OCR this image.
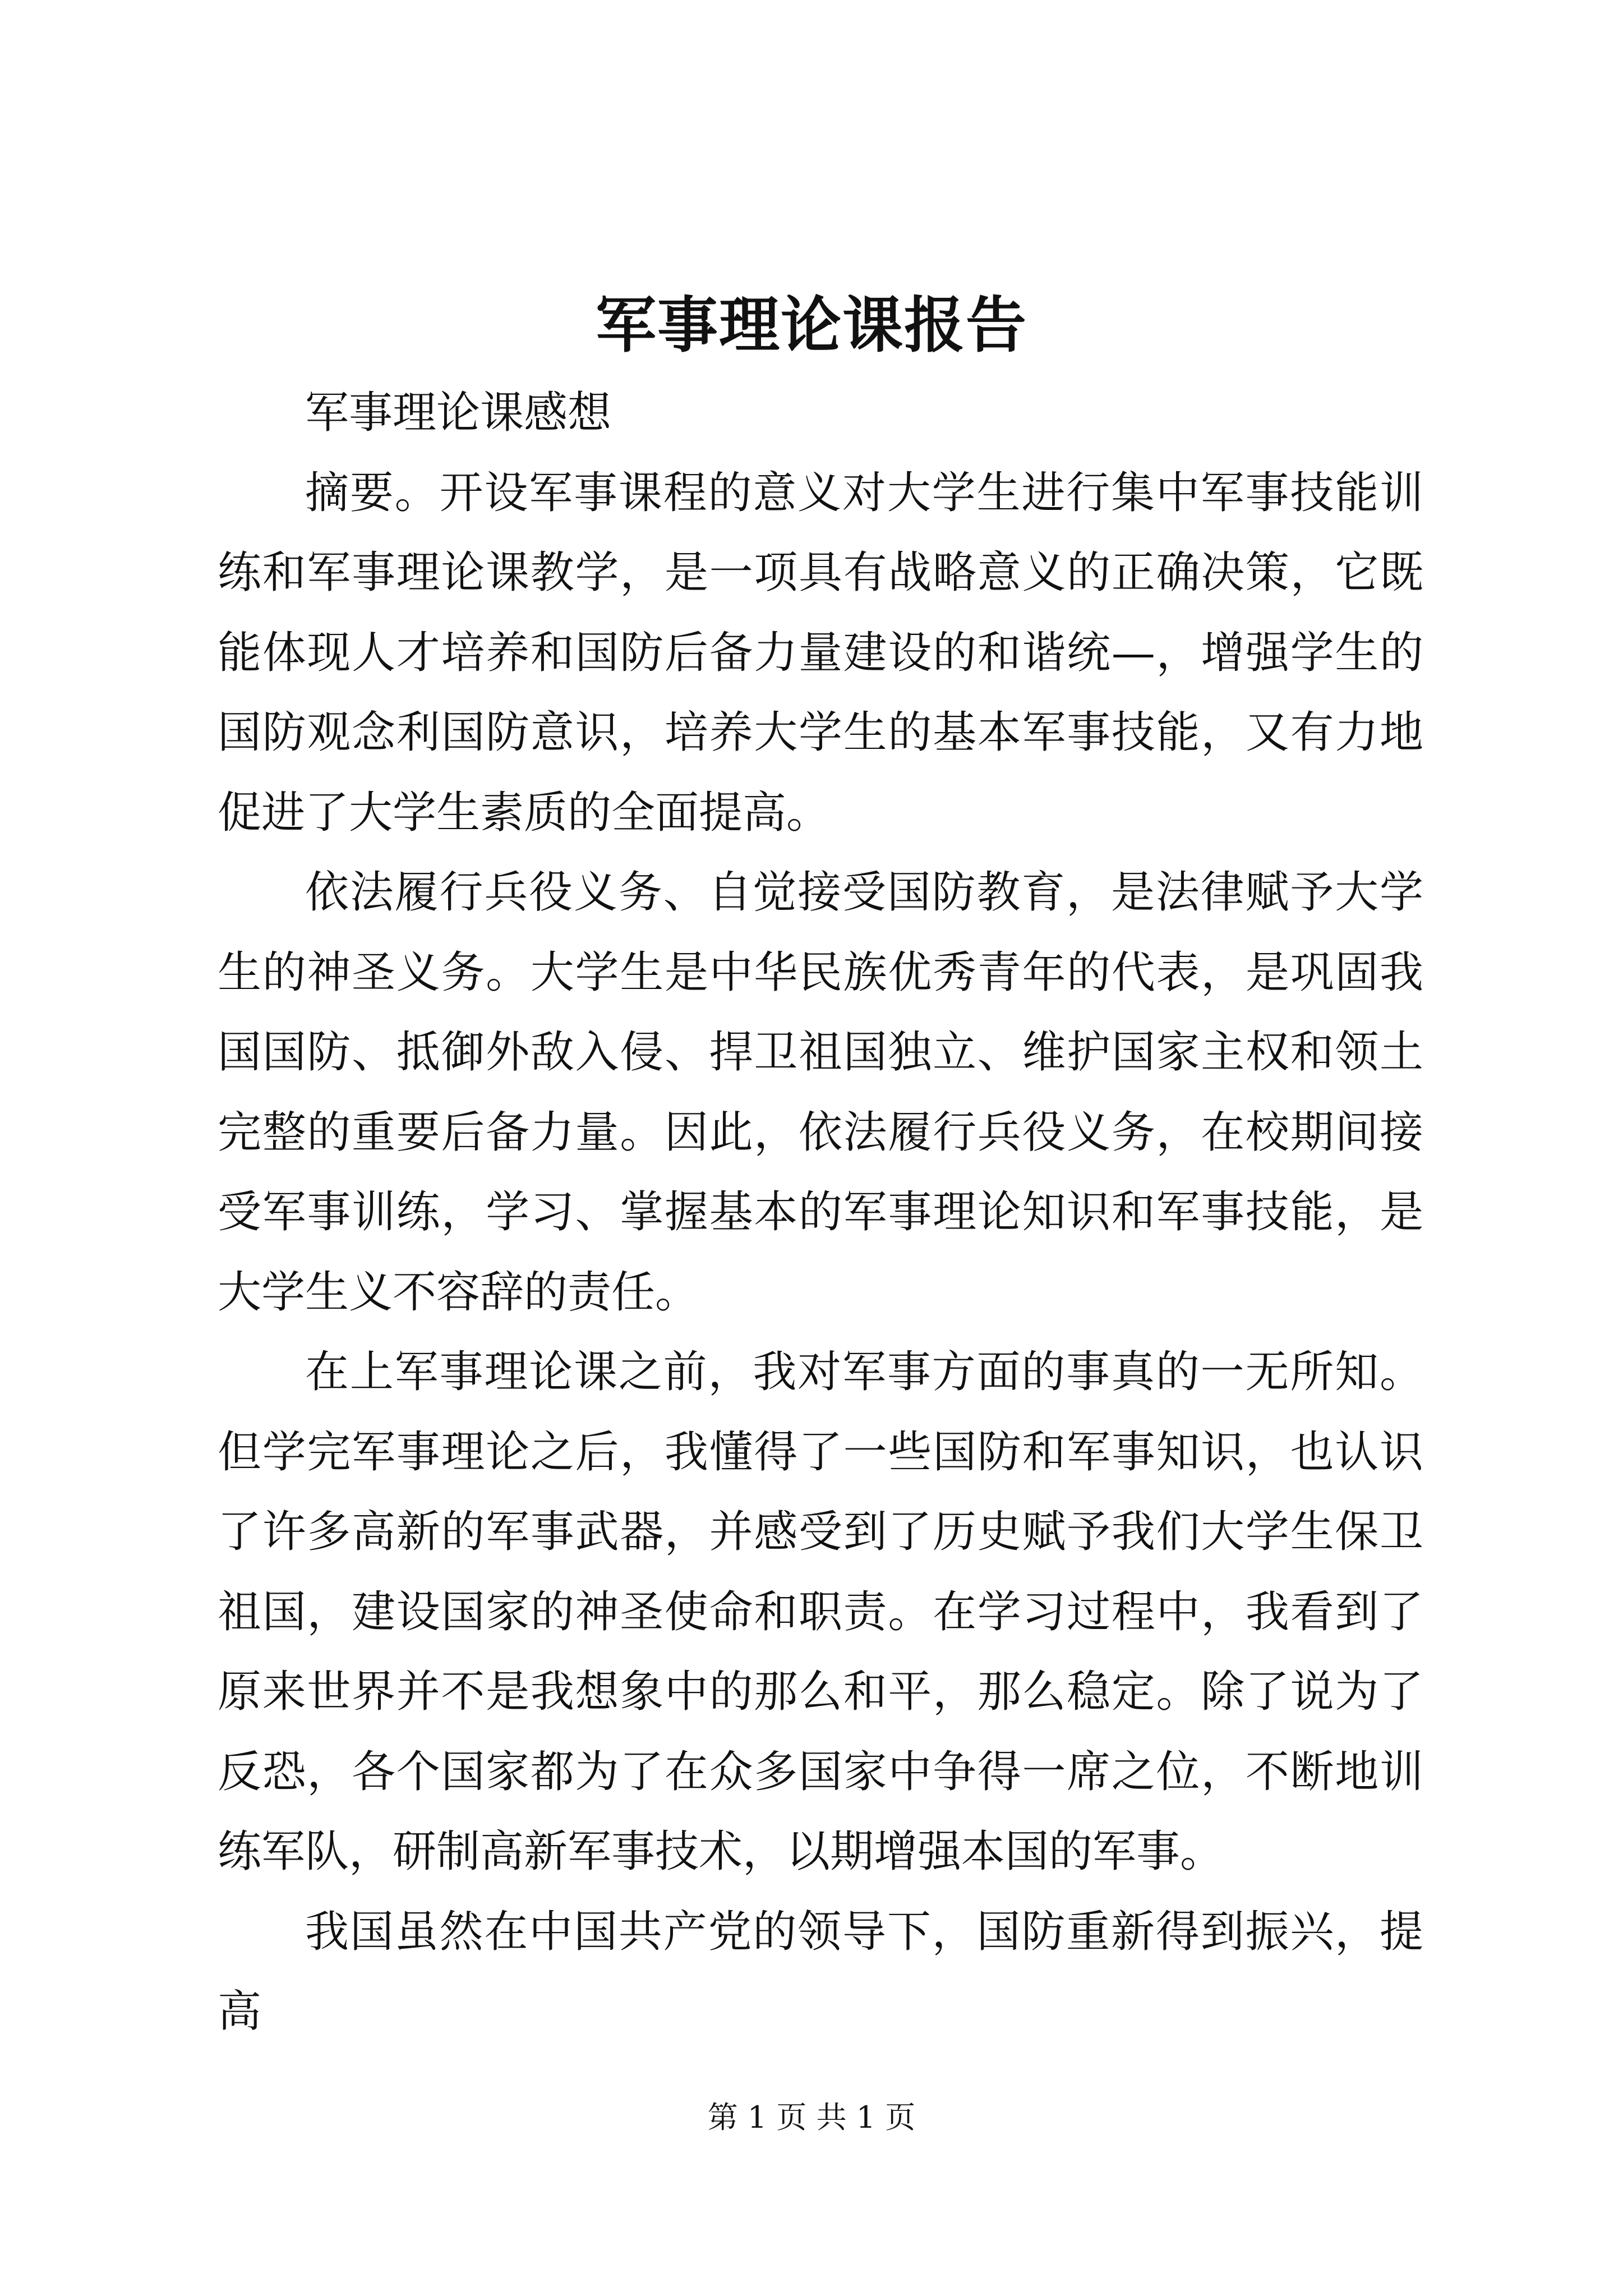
军事理论课报告

军事理论课感想

摘要。开设军事课程的意义对大学生进行集中军事技能训练和军事理论课教学，是一项具有战略意义的正确决策，它既能体现人才培养和国防后备力量建设的和谐统—，增强学生的国防观念利国防意识，培养大学生的基本军事技能，又有力地促进了大学生素质的全面提高。

依法履行兵役义务、自觉接受国防教育，是法律赋予大学生的神圣义务。大学生是中华民族优秀青年的代表，是巩固我国国防、抵御外敌入侵、捍卫祖国独立、维护国家主权和领土完整的重要后备力量。因此，依法履行兵役义务，在校期间接受军事训练，学习、掌握基本的军事理论知识和军事技能，是大学生义不容辞的责任。

在上军事理论课之前，我对军事方面的事真的一无所知。但学完军事理论之后，我懂得了一些国防和军事知识，也认识了许多高新的军事武器，并感受到了历史赋予我们大学生保卫祖国，建设国家的神圣使命和职责。在学习过程中，我看到了原来世界并不是我想象中的那么和平，那么稳定。除了说为了反恐，各个国家都为了在众多国家中争得一席之位，不断地训练军队，研制高新军事技术，以期增强本国的军事。

我国虽然在中国共产党的领导下，国防重新得到振兴，提高

第 1 页 共 1 页
